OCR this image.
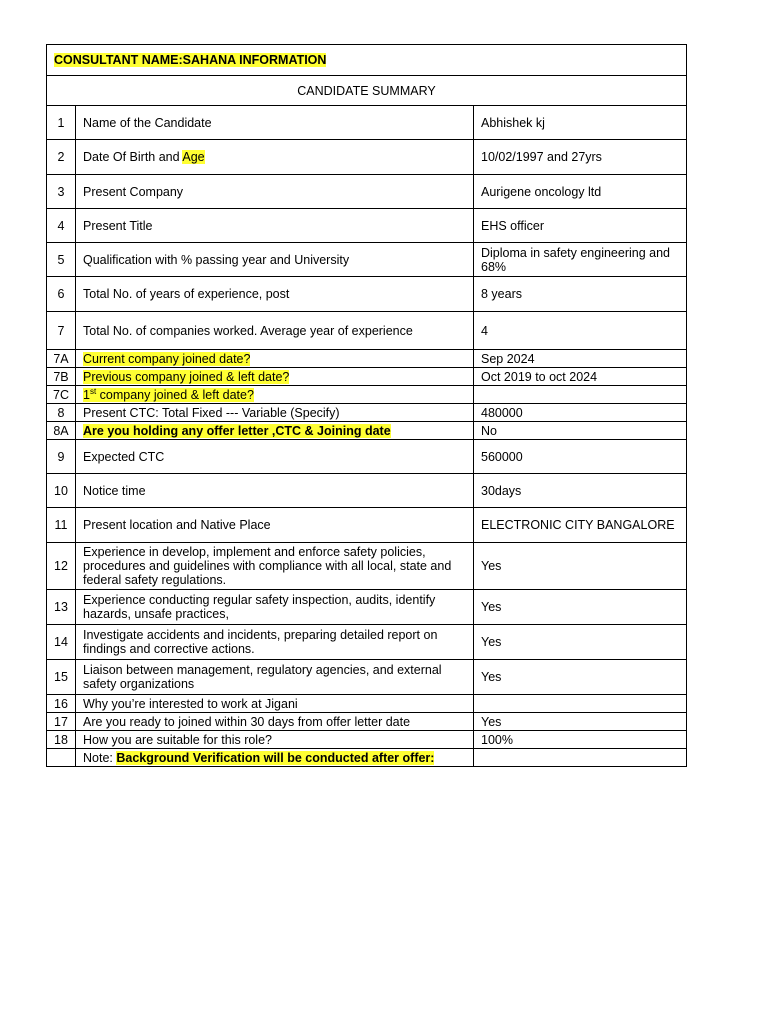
CONSULTANT NAME:SAHANA INFORMATION		
CANDIDATE SUMMARY		
1	Name of the Candidate	Abhishek kj
2	Date Of Birth and Age	10/02/1997 and 27yrs
3	Present Company	Aurigene oncology ltd
4	Present Title	EHS officer
5	Qualification with % passing year and University	Diploma in safety engineering and 68%
6	Total No. of years of experience, post	8 years
7	Total No. of companies worked. Average year of experience	4
7A	Current company joined date?	Sep 2024
7B	Previous company joined & left date?	Oct 2019 to oct 2024
7C	1st company joined & left date?	
8	Present CTC: Total Fixed --- Variable (Specify)	480000
8A	Are you holding any offer letter ,CTC & Joining date	No
9	Expected CTC	560000
10	Notice time	30days
11	Present location and Native Place	ELECTRONIC CITY BANGALORE
12	Experience in develop, implement and enforce safety policies, procedures and guidelines with compliance with all local, state and federal safety regulations.	Yes
13	Experience conducting regular safety inspection, audits, identify hazards, unsafe practices,	Yes
14	Investigate accidents and incidents, preparing detailed report on findings and corrective actions.	Yes
15	Liaison between management, regulatory agencies, and external safety organizations	Yes
16	Why you’re interested to work at Jigani	
17	Are you ready to joined within 30 days from offer letter date	Yes
18	How you are suitable for this role?	100%
	Note: Background Verification will be conducted after offer:	
